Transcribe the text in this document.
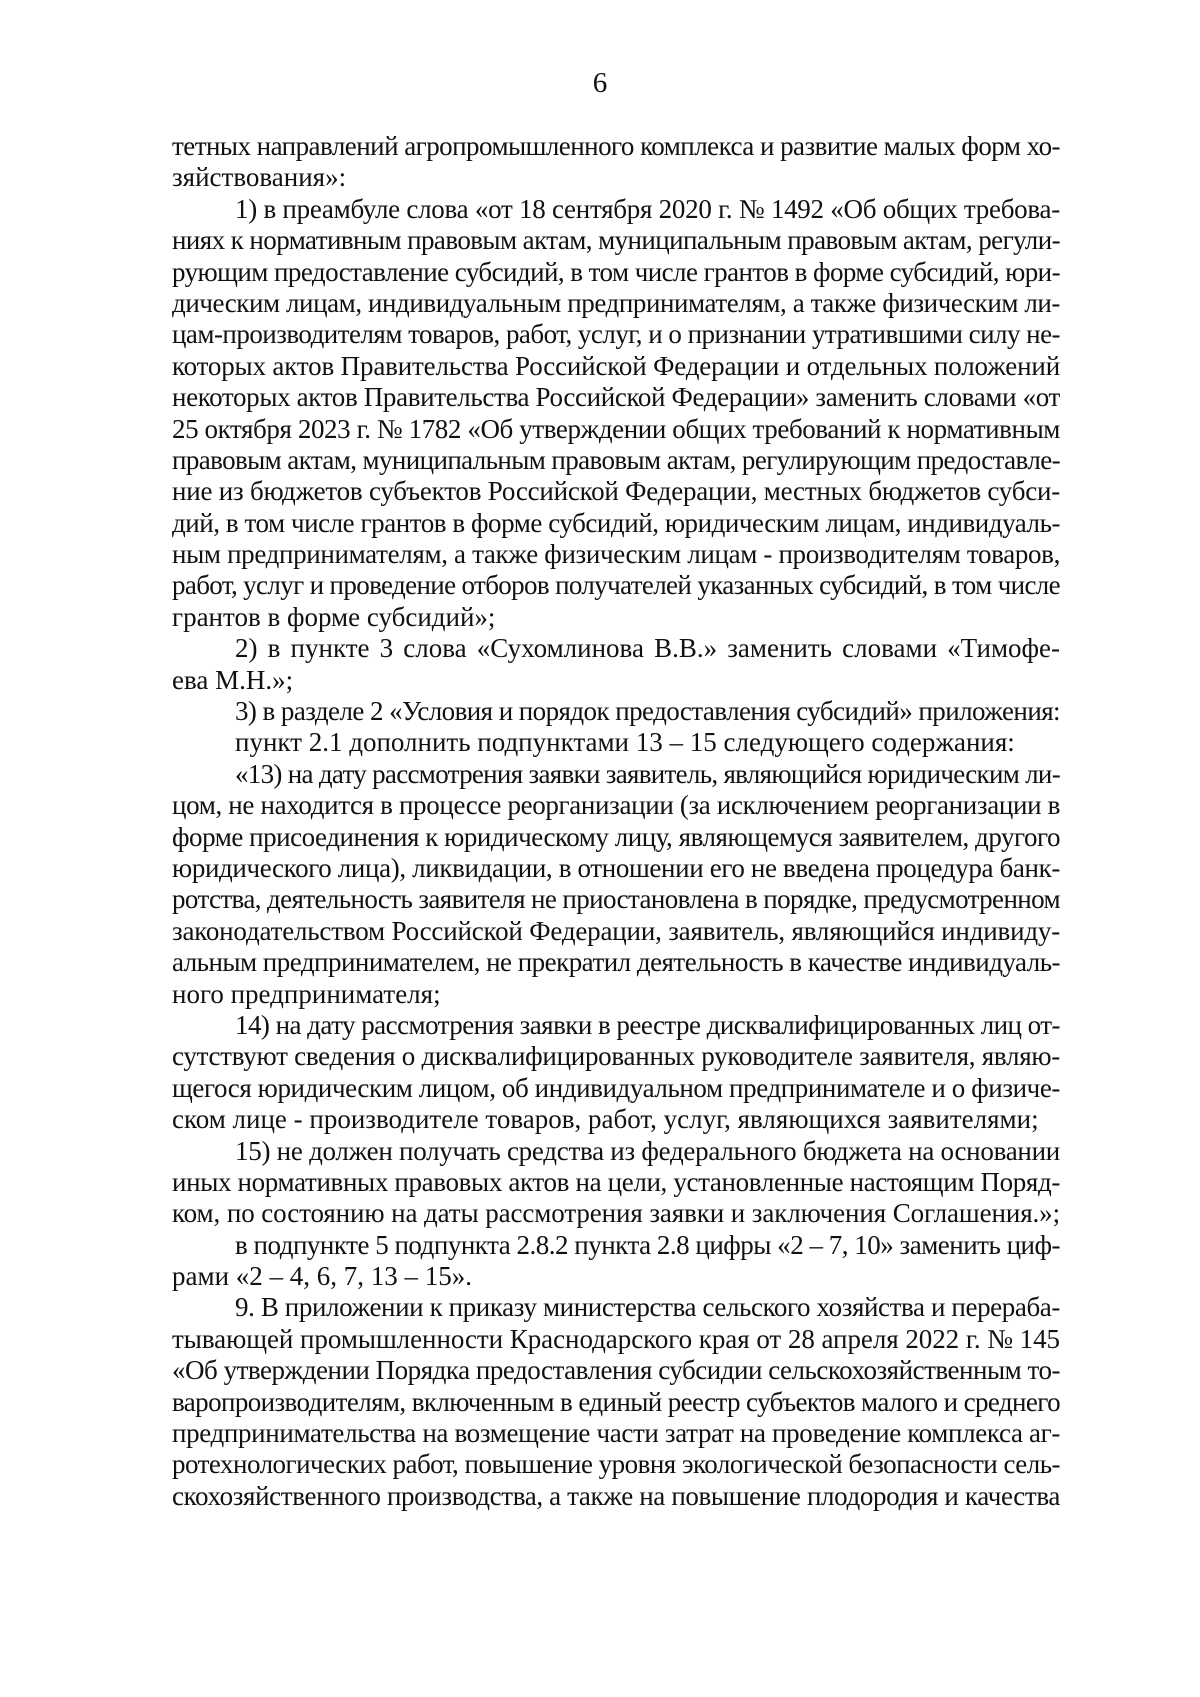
6
тетных направлений агропромышленного комплекса и развитие малых форм хо-
зяйствования»:
1) в преамбуле слова «от 18 сентября 2020 г. № 1492 «Об общих требова-
ниях к нормативным правовым актам, муниципальным правовым актам, регули-
рующим предоставление субсидий, в том числе грантов в форме субсидий, юри-
дическим лицам, индивидуальным предпринимателям, а также физическим ли-
цам-производителям товаров, работ, услуг, и о признании утратившими силу не-
которых актов Правительства Российской Федерации и отдельных положений
некоторых актов Правительства Российской Федерации» заменить словами «от
25 октября 2023 г. № 1782 «Об утверждении общих требований к нормативным
правовым актам, муниципальным правовым актам, регулирующим предоставле-
ние из бюджетов субъектов Российской Федерации, местных бюджетов субси-
дий, в том числе грантов в форме субсидий, юридическим лицам, индивидуаль-
ным предпринимателям, а также физическим лицам - производителям товаров,
работ, услуг и проведение отборов получателей указанных субсидий, в том числе
грантов в форме субсидий»;
2) в пункте 3 слова «Сухомлинова В.В.» заменить словами «Тимофе-
ева М.Н.»;
3) в разделе 2 «Условия и порядок предоставления субсидий» приложения:
пункт 2.1 дополнить подпунктами 13 – 15 следующего содержания:
«13) на дату рассмотрения заявки заявитель, являющийся юридическим ли-
цом, не находится в процессе реорганизации (за исключением реорганизации в
форме присоединения к юридическому лицу, являющемуся заявителем, другого
юридического лица), ликвидации, в отношении его не введена процедура банк-
ротства, деятельность заявителя не приостановлена в порядке, предусмотренном
законодательством Российской Федерации, заявитель, являющийся индивиду-
альным предпринимателем, не прекратил деятельность в качестве индивидуаль-
ного предпринимателя;
14) на дату рассмотрения заявки в реестре дисквалифицированных лиц от-
сутствуют сведения о дисквалифицированных руководителе заявителя, являю-
щегося юридическим лицом, об индивидуальном предпринимателе и о физиче-
ском лице - производителе товаров, работ, услуг, являющихся заявителями;
15) не должен получать средства из федерального бюджета на основании
иных нормативных правовых актов на цели, установленные настоящим Поряд-
ком, по состоянию на даты рассмотрения заявки и заключения Соглашения.»;
в подпункте 5 подпункта 2.8.2 пункта 2.8 цифры «2 – 7, 10» заменить циф-
рами «2 – 4, 6, 7, 13 – 15».
9. В приложении к приказу министерства сельского хозяйства и перераба-
тывающей промышленности Краснодарского края от 28 апреля 2022 г. № 145
«Об утверждении Порядка предоставления субсидии сельскохозяйственным то-
варопроизводителям, включенным в единый реестр субъектов малого и среднего
предпринимательства на возмещение части затрат на проведение комплекса аг-
ротехнологических работ, повышение уровня экологической безопасности сель-
скохозяйственного производства, а также на повышение плодородия и качества
